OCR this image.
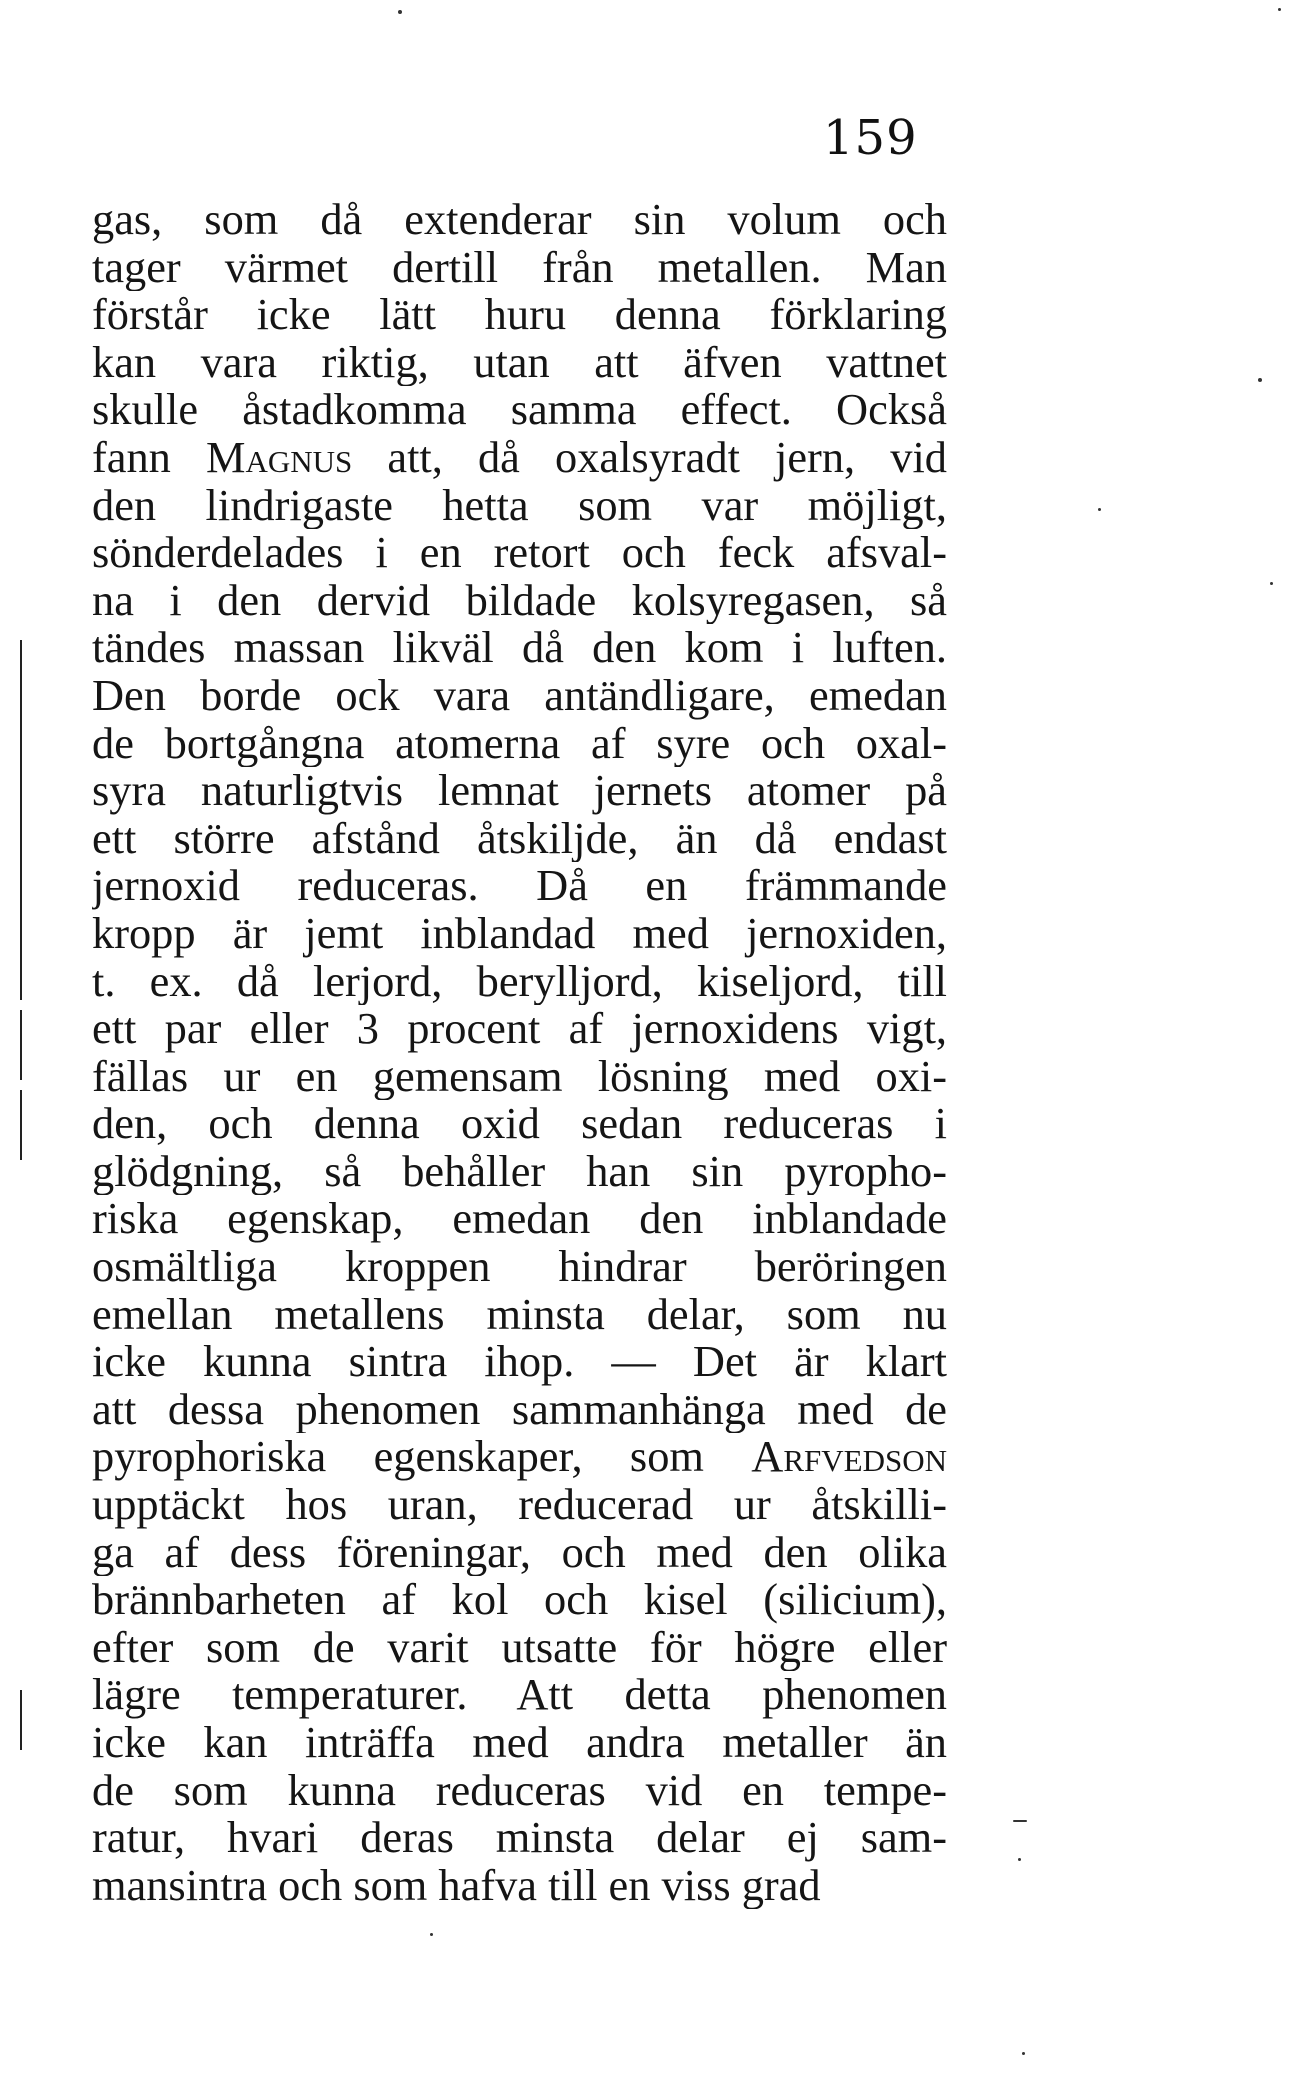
159
gas, som då extenderar sin volum och
tager värmet dertill från metallen. Man
förstår icke lätt huru denna förklaring
kan vara riktig, utan att äfven vattnet
skulle åstadkomma samma effect. Också
fann Magnus att, då oxalsyradt jern, vid
den lindrigaste hetta som var möjligt,
sönderdelades i en retort och feck afsval-
na i den dervid bildade kolsyregasen, så
tändes massan likväl då den kom i luften.
Den borde ock vara antändligare, emedan
de bortgångna atomerna af syre och oxal-
syra naturligtvis lemnat jernets atomer på
ett större afstånd åtskiljde, än då endast
jernoxid reduceras. Då en främmande
kropp är jemt inblandad med jernoxiden,
t. ex. då lerjord, berylljord, kiseljord, till
ett par eller 3 procent af jernoxidens vigt,
fällas ur en gemensam lösning med oxi-
den, och denna oxid sedan reduceras i
glödgning, så behåller han sin pyropho-
riska egenskap, emedan den inblandade
osmältliga kroppen hindrar beröringen
emellan metallens minsta delar, som nu
icke kunna sintra ihop. — Det är klart
att dessa phenomen sammanhänga med de
pyrophoriska egenskaper, som Arfvedson
upptäckt hos uran, reducerad ur åtskilli-
ga af dess föreningar, och med den olika
brännbarheten af kol och kisel (silicium),
efter som de varit utsatte för högre eller
lägre temperaturer. Att detta phenomen
icke kan inträffa med andra metaller än
de som kunna reduceras vid en tempe-
ratur, hvari deras minsta delar ej sam-
mansintra och som hafva till en viss grad
